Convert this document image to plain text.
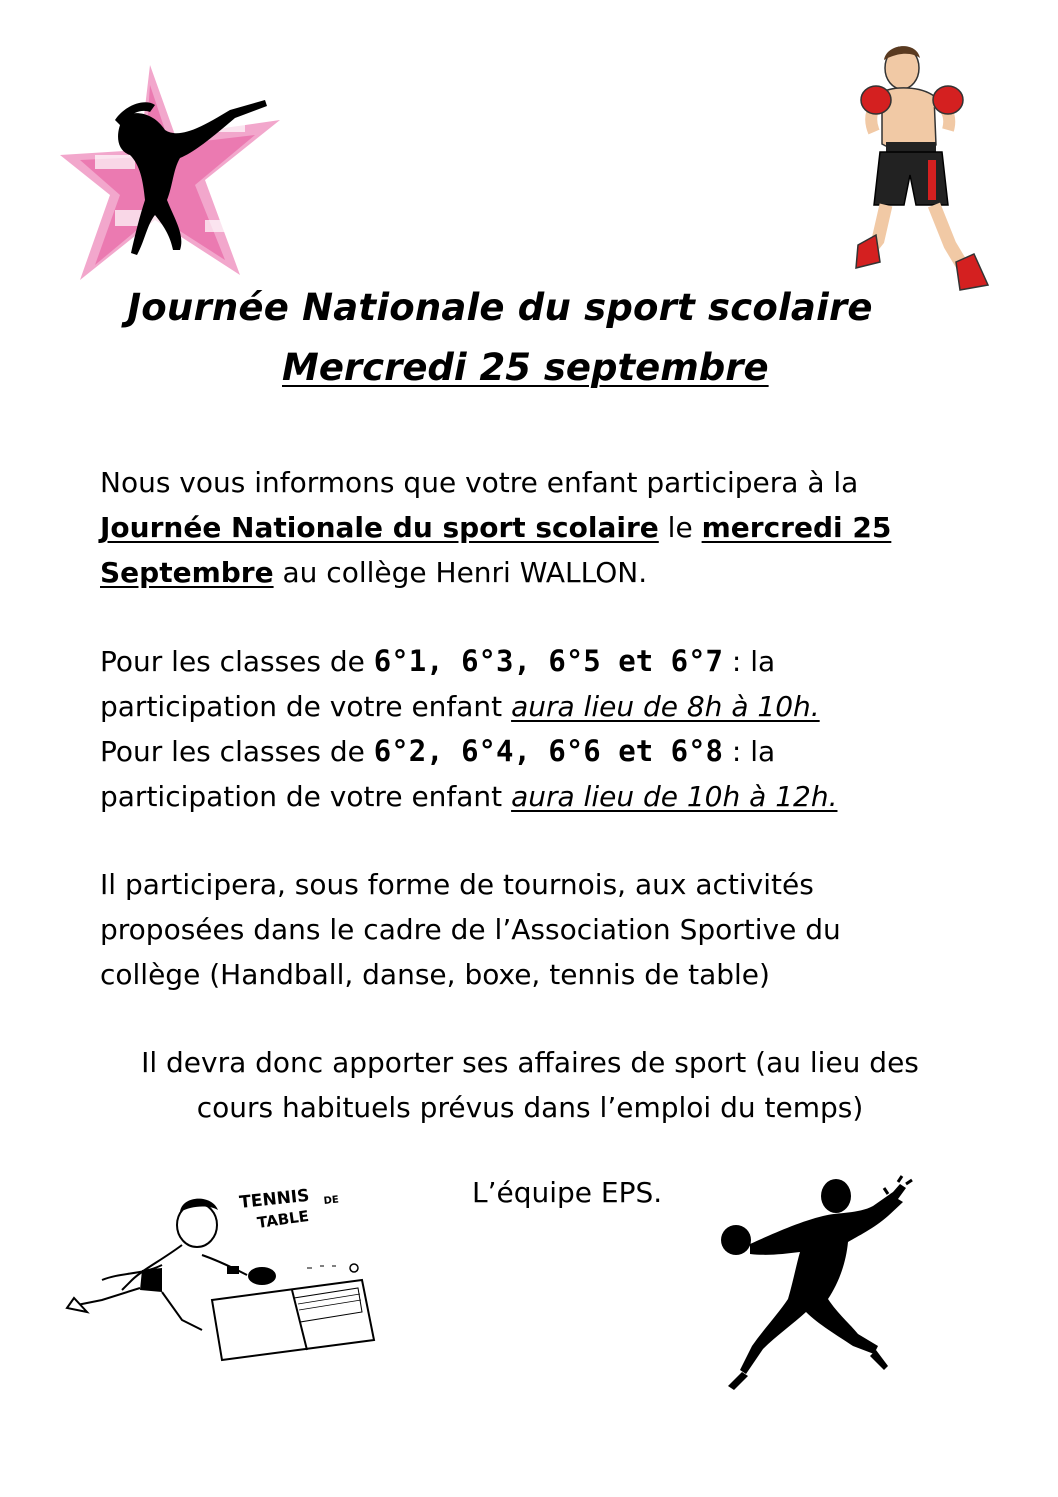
Journée Nationale du sport scolaire
Mercredi 25 septembre

Nous vous informons que votre enfant participera à la

Journée Nationale du sport scolaire le mercredi 25

Septembre au collège Henri WALLON.

Pour les classes de 6°1, 6°3, 6°5 et 6°7 : la

participation de votre enfant aura lieu de 8h à 10h.

Pour les classes de 6°2, 6°4, 6°6 et 6°8 : la

participation de votre enfant aura lieu de 10h à 12h.

Il participera, sous forme de tournois, aux activités

proposées dans le cadre de l’Association Sportive du

collège (Handball, danse, boxe, tennis de table)

Il devra donc apporter ses affaires de sport (au lieu des

cours habituels prévus dans l’emploi du temps)

L’équipe EPS.
TENNIS DE
TABLE
